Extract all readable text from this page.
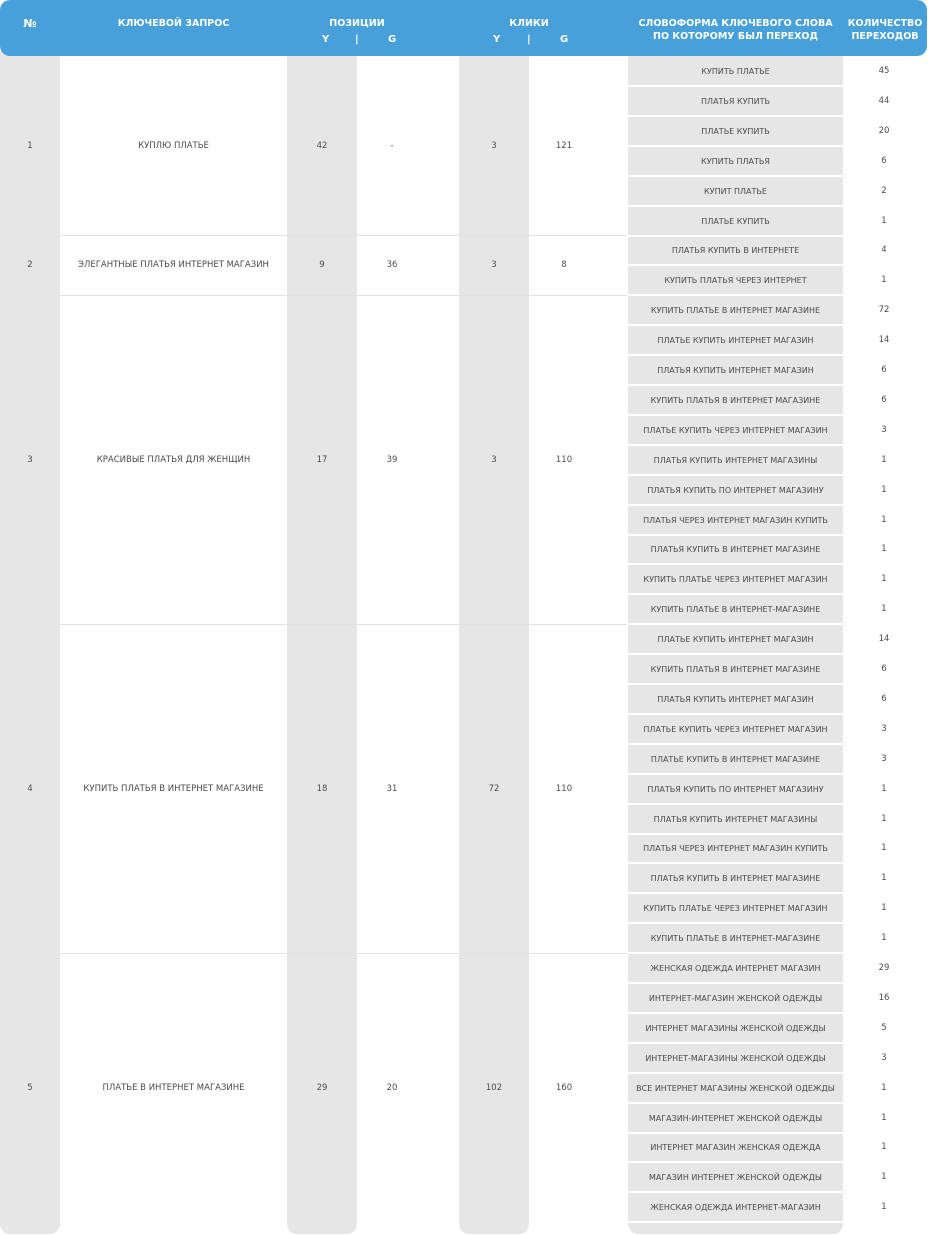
№	КЛЮЧЕВОЙ ЗАПРОС	ПОЗИЦИИ
Y	|	G
КЛИКИ
Y	|	G
СЛОВОФОРМА КЛЮЧЕВОГО СЛОВА
ПО КОТОРОМУ БЫЛ ПЕРЕХОД
КОЛИЧЕСТВО
ПЕРЕХОДОВ
1	КУПЛЮ ПЛАТЬЕ	42	-	3	121
КУПИТЬ ПЛАТЬЕ	45
ПЛАТЬЯ КУПИТЬ	44
ПЛАТЬЕ КУПИТЬ	20
КУПИТЬ ПЛАТЬЯ	6
КУПИТ ПЛАТЬЕ	2
ПЛАТЬЕ КУПИТЬ	1
2	ЭЛЕГАНТНЫЕ ПЛАТЬЯ ИНТЕРНЕТ МАГАЗИН	9	36	3	8
ПЛАТЬЯ КУПИТЬ В ИНТЕРНЕТЕ	4
КУПИТЬ ПЛАТЬЯ ЧЕРЕЗ ИНТЕРНЕТ	1
3	КРАСИВЫЕ ПЛАТЬЯ ДЛЯ ЖЕНЩИН	17	39	3	110
КУПИТЬ ПЛАТЬЕ В ИНТЕРНЕТ МАГАЗИНЕ	72
ПЛАТЬЕ КУПИТЬ ИНТЕРНЕТ МАГАЗИН	14
ПЛАТЬЯ КУПИТЬ ИНТЕРНЕТ МАГАЗИН	6
КУПИТЬ ПЛАТЬЯ В ИНТЕРНЕТ МАГАЗИНЕ	6
ПЛАТЬЕ КУПИТЬ ЧЕРЕЗ ИНТЕРНЕТ МАГАЗИН	3
ПЛАТЬЯ КУПИТЬ ИНТЕРНЕТ МАГАЗИНЫ	1
ПЛАТЬЯ КУПИТЬ ПО ИНТЕРНЕТ МАГАЗИНУ	1
ПЛАТЬЯ ЧЕРЕЗ ИНТЕРНЕТ МАГАЗИН КУПИТЬ	1
ПЛАТЬЯ КУПИТЬ В ИНТЕРНЕТ МАГАЗИНЕ	1
КУПИТЬ ПЛАТЬЕ ЧЕРЕЗ ИНТЕРНЕТ МАГАЗИН	1
КУПИТЬ ПЛАТЬЕ В ИНТЕРНЕТ-МАГАЗИНЕ	1
4	КУПИТЬ ПЛАТЬЯ В ИНТЕРНЕТ МАГАЗИНЕ	18	31	72	110
ПЛАТЬЕ КУПИТЬ ИНТЕРНЕТ МАГАЗИН	14
КУПИТЬ ПЛАТЬЯ В ИНТЕРНЕТ МАГАЗИНЕ	6
ПЛАТЬЯ КУПИТЬ ИНТЕРНЕТ МАГАЗИН	6
ПЛАТЬЕ КУПИТЬ ЧЕРЕЗ ИНТЕРНЕТ МАГАЗИН	3
ПЛАТЬЕ КУПИТЬ В ИНТЕРНЕТ МАГАЗИНЕ	3
ПЛАТЬЯ КУПИТЬ ПО ИНТЕРНЕТ МАГАЗИНУ	1
ПЛАТЬЯ КУПИТЬ ИНТЕРНЕТ МАГАЗИНЫ	1
ПЛАТЬЯ ЧЕРЕЗ ИНТЕРНЕТ МАГАЗИН КУПИТЬ	1
ПЛАТЬЯ КУПИТЬ В ИНТЕРНЕТ МАГАЗИНЕ	1
КУПИТЬ ПЛАТЬЕ ЧЕРЕЗ ИНТЕРНЕТ МАГАЗИН	1
КУПИТЬ ПЛАТЬЕ В ИНТЕРНЕТ-МАГАЗИНЕ	1
5	ПЛАТЬЕ В ИНТЕРНЕТ МАГАЗИНЕ	29	20	102	160
ЖЕНСКАЯ ОДЕЖДА ИНТЕРНЕТ МАГАЗИН	29
ИНТЕРНЕТ-МАГАЗИН ЖЕНСКОЙ ОДЕЖДЫ	16
ИНТЕРНЕТ МАГАЗИНЫ ЖЕНСКОЙ ОДЕЖДЫ	5
ИНТЕРНЕТ-МАГАЗИНЫ ЖЕНСКОЙ ОДЕЖДЫ	3
ВСЕ ИНТЕРНЕТ МАГАЗИНЫ ЖЕНСКОЙ ОДЕЖДЫ	1
МАГАЗИН-ИНТЕРНЕТ ЖЕНСКОЙ ОДЕЖДЫ	1
ИНТЕРНЕТ МАГАЗИН ЖЕНСКАЯ ОДЕЖДА	1
МАГАЗИН ИНТЕРНЕТ ЖЕНСКОЙ ОДЕЖДЫ	1
ЖЕНСКАЯ ОДЕЖДА ИНТЕРНЕТ-МАГАЗИН	1
